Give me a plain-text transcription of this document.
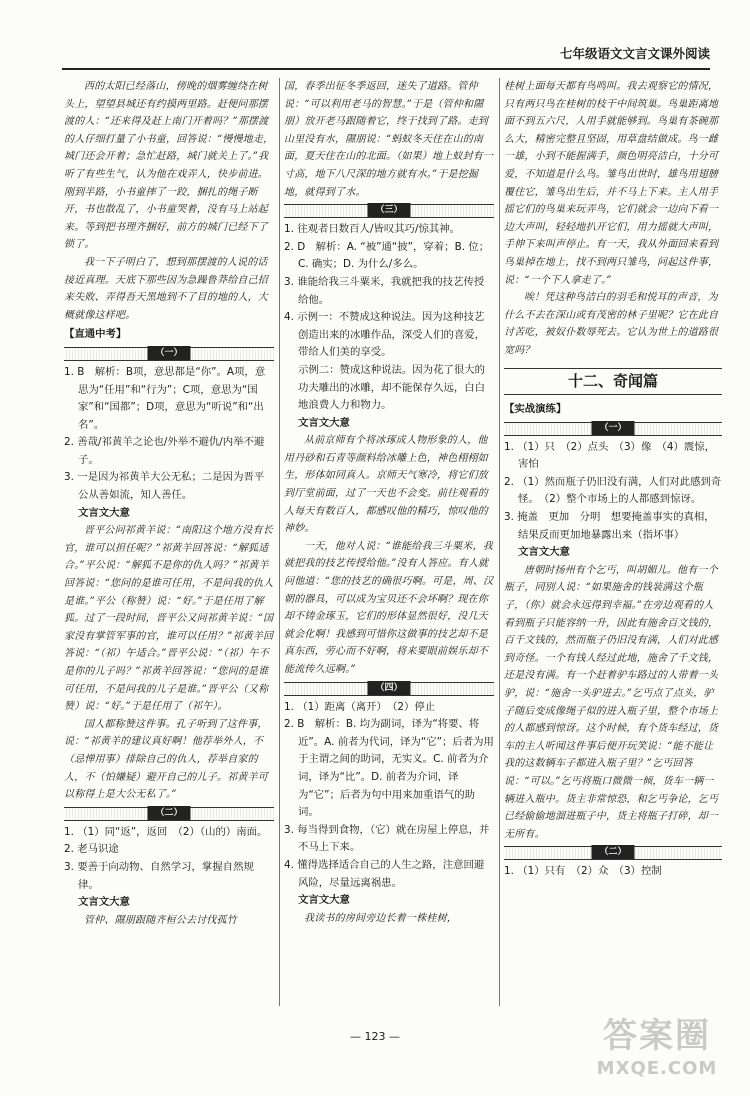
七年级语文文言文课外阅读

西的太阳已经落山，傍晚的烟雾缠绕在树头上，望望县城还有约摸两里路。赶便问那摆渡的人：“还来得及赶上南门开着吗？”那摆渡的人仔细打量了小书童，回答说：“慢慢地走，城门还会开着；急忙赶路，城门就关上了。”我听了有些生气，认为他在戏弄人，快步前进。刚到半路，小书童摔了一跤，捆扎的绳子断开，书也散乱了，小书童哭着，没有马上站起来。等到把书理齐捆好，前方的城门已经下了锁了。

我一下子明白了，想到那摆渡的人说的话接近真理。天底下那些因为急躁鲁莽给自己招来失败、弄得吾天黑地到不了目的地的人，大概就像这样吧。

【直通中考】

（一）

1. B　解析：B项，意思都是“你”。A项，意思为“任用”和“行为”；C项，意思为“国家”和“国都”；D项，意思为“听说”和“出名”。

2. 善哉/祁黄羊之论也/外举不避仇/内举不避子。

3. 一是因为祁黄羊大公无私；二是因为晋平公从善如流，知人善任。

文言文大意

晋平公问祁黄羊说：“南阳这个地方没有长官，谁可以担任呢？”祁黄羊回答说：“解狐适合。”平公说：“解狐不是你的仇人吗？”祁黄羊回答说：“您问的是谁可任用，不是问我的仇人是谁。”平公（称赞）说：“好。”于是任用了解狐。过了一段时间，晋平公又问祁黄羊说：“国家没有掌管军事的官，谁可以任用？”祁黄羊回答说：“（祁）午适合。”晋平公说：“（祁）午不是你的儿子吗？”祁黄羊回答说：“您问的是谁可任用，不是问我的儿子是谁。”晋平公（又称赞）说：“好。”于是任用了（祁午）。

国人都称赞这件事。孔子听到了这件事，说：“祁黄羊的建议真好啊！他荐举外人，不（忌惮用事）排除自己的仇人，荐举自家的人，不（怕嫌疑）避开自己的儿子。祁黄羊可以称得上是大公无私了。”

（二）

1. （1）同“返”，返回　（2）（山的）南面。

2. 老马识途

3. 要善于向动物、自然学习，掌握自然规律。

文言文大意

管仲、隰朋跟随齐桓公去讨伐孤竹

国，春季出征冬季返回，迷失了道路。管仲说：“可以利用老马的智慧。”于是（管仲和隰朋）放开老马跟随着它，终于找到了路。走到山里没有水，隰朋说：“蚂蚁冬天住在山的南面，夏天住在山的北面。（如果）地上蚁封有一寸高，地下八尺深的地方就有水。”于是挖掘地，就得到了水。

（三）

1. 往观者日数百人/皆叹其巧/惊其神。

2. D　解析：A. “被”通“披”，穿着；B. 位；C. 确实；D. 为什么/多么。

3. 谁能给我三斗粟米，我就把我的技艺传授给他。

4. 示例一：不赞成这种说法。因为这种技艺创造出来的冰雕作品，深受人们的喜爱，带给人们美的享受。

示例二：赞成这种说法。因为花了很大的功夫雕出的冰雕，却不能保存久远，白白地浪费人力和物力。

文言文大意

从前京师有个将冰琢成人物形象的人，他用丹砂和石青等颜料给冰雕上色，神色栩栩如生，形体如同真人。京师天气寒冷，将它们放到厅堂前面，过了一天也不会变。前往观看的人每天有数百人，都感叹他的精巧，惊叹他的神妙。

一天，他对人说：“谁能给我三斗粟米，我就把我的技艺传授给他。”没有人答应。有人就问他道：“您的技艺的确很巧啊。可是，周、汉朝的器具，可以成为宝贝还不会坏啊？现在你却不铸金琢玉，它们的形体显然很好，没几天就会化啊！我感到可惜你这做事的技艺却不是真东西，劳心而不好啊，将来要眼前娱乐却不能流传久远啊。”

（四）

1. （1）距离（离开）　（2）停止

2. B　解析：B. 均为副词，译为“将要、将近”。A. 前者为代词，译为“它”；后者为用于主谓之间的助词，无实义。C. 前者为介词，译为“比”。D. 前者为介词，译为“它”；后者为句中用来加重语气的助词。

3. 每当得到食物，（它）就在房屋上停息，并不马上下来。

4. 懂得选择适合自己的人生之路，注意回避风险，尽量远离祸患。

文言文大意

我读书的房间旁边长着一株桂树，

桂树上面每天都有鸟鸣叫。我去观察它的情况，只有两只鸟在桂树的枝干中间筑巢。鸟巢距离地面不到五六尺，人用手就能够到。鸟巢有茶碗那么大，精密完整且坚固，用草盘结做成。鸟一雌一雄，小到不能握满手，颜色明亮洁白，十分可爱，不知道是什么鸟。雏鸟出世时，雄鸟用翅膀覆住它，雏鸟出生后，并不马上下来。主人用手摇它们的鸟巢来玩弄鸟，它们就会一边向下看一边大声叫，轻轻地扒开它们，用力摇就大声叫，手伸下来叫声停止。有一天，我从外面回来看到鸟巢掉在地上，找不到两只雏鸟，问起这件事，说：“一个下人拿走了。”

唉！凭这种鸟洁白的羽毛和悦耳的声音，为什么不去在深山或有茂密的林子里呢？它在此自讨苦吃，被奴仆数辱死去。它认为世上的道路很宽吗？

十二、奇闻篇

【实战演练】

（一）

1. （1）只　（2）点头　（3）像　（4）震惊，害怕

2. （1）然而瓶子仍旧没有满，人们对此感到奇怪。　（2）整个市场上的人都感到惊讶。

3. 掩盖　更加　分明　想要掩盖事实的真相，结果反而更加地暴露出来（指坏事）

文言文大意

唐朝时扬州有个乞丐，叫胡媚儿。他有一个瓶子，同别人说：“如果施舍的钱装满这个瓶子，（你）就会永远得到幸福。”在旁边观看的人看到瓶子只能容纳一升，因此有施舍百文钱的，百千文钱的，然而瓶子仍旧没有满，人们对此感到奇怪。一个有钱人经过此地，施舍了千文钱，还是没有满。有一个赶着驴车路过的人带着一头驴，说：“施舍一头驴进去。”乞丐点了点头，驴子随后变成像绳子似的进入瓶子里，整个市场上的人都感到惊讶。这个时候，有个货车经过，货车的主人听闻这件事后便开玩笑说：“能不能让我的这数辆车子都进入瓶子里？”乞丐回答说：“可以。”乞丐将瓶口微微一倾，货车一辆一辆进入瓶中。货主非常惊恐，和乞丐争论，乞丐已经偷偷地溜进瓶子中，货主将瓶子打碎，却一无所有。

（二）

1. （1）只有　（2）众　（3）控制

— 123 —	答案圈
MXQE.COM
